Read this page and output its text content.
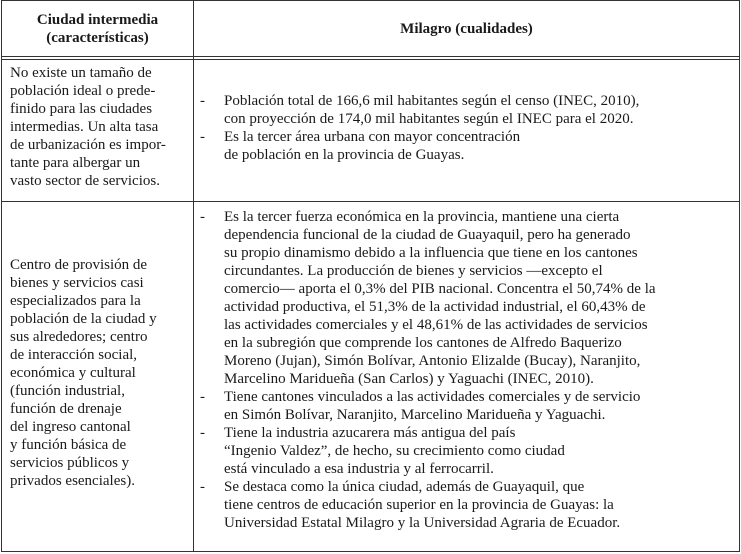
Ciudad intermedia
(características)
Milagro (cualidades)
No existe un tamaño de
población ideal o prede-
finido para las ciudades
intermedias. Un alta tasa
de urbanización es impor-
tante para albergar un
vasto sector de servicios.
- Población total de 166,6 mil habitantes según el censo (INEC, 2010),
con proyección de 174,0 mil habitantes según el INEC para el 2020.
- Es la tercer área urbana con mayor concentración
de población en la provincia de Guayas.
Centro de provisión de
bienes y servicios casi
especializados para la
población de la ciudad y
sus alrededores; centro
de interacción social,
económica y cultural
(función industrial,
función de drenaje
del ingreso cantonal
y función básica de
servicios públicos y
privados esenciales).
- Es la tercer fuerza económica en la provincia, mantiene una cierta
dependencia funcional de la ciudad de Guayaquil, pero ha generado
su propio dinamismo debido a la influencia que tiene en los cantones
circundantes. La producción de bienes y servicios —excepto el
comercio— aporta el 0,3% del PIB nacional. Concentra el 50,74% de la
actividad productiva, el 51,3% de la actividad industrial, el 60,43% de
las actividades comerciales y el 48,61% de las actividades de servicios
en la subregión que comprende los cantones de Alfredo Baquerizo
Moreno (Jujan), Simón Bolívar, Antonio Elizalde (Bucay), Naranjito,
Marcelino Maridueña (San Carlos) y Yaguachi (INEC, 2010).
- Tiene cantones vinculados a las actividades comerciales y de servicio
en Simón Bolívar, Naranjito, Marcelino Maridueña y Yaguachi.
- Tiene la industria azucarera más antigua del país
“Ingenio Valdez”, de hecho, su crecimiento como ciudad
está vinculado a esa industria y al ferrocarril.
- Se destaca como la única ciudad, además de Guayaquil, que
tiene centros de educación superior en la provincia de Guayas: la
Universidad Estatal Milagro y la Universidad Agraria de Ecuador.
